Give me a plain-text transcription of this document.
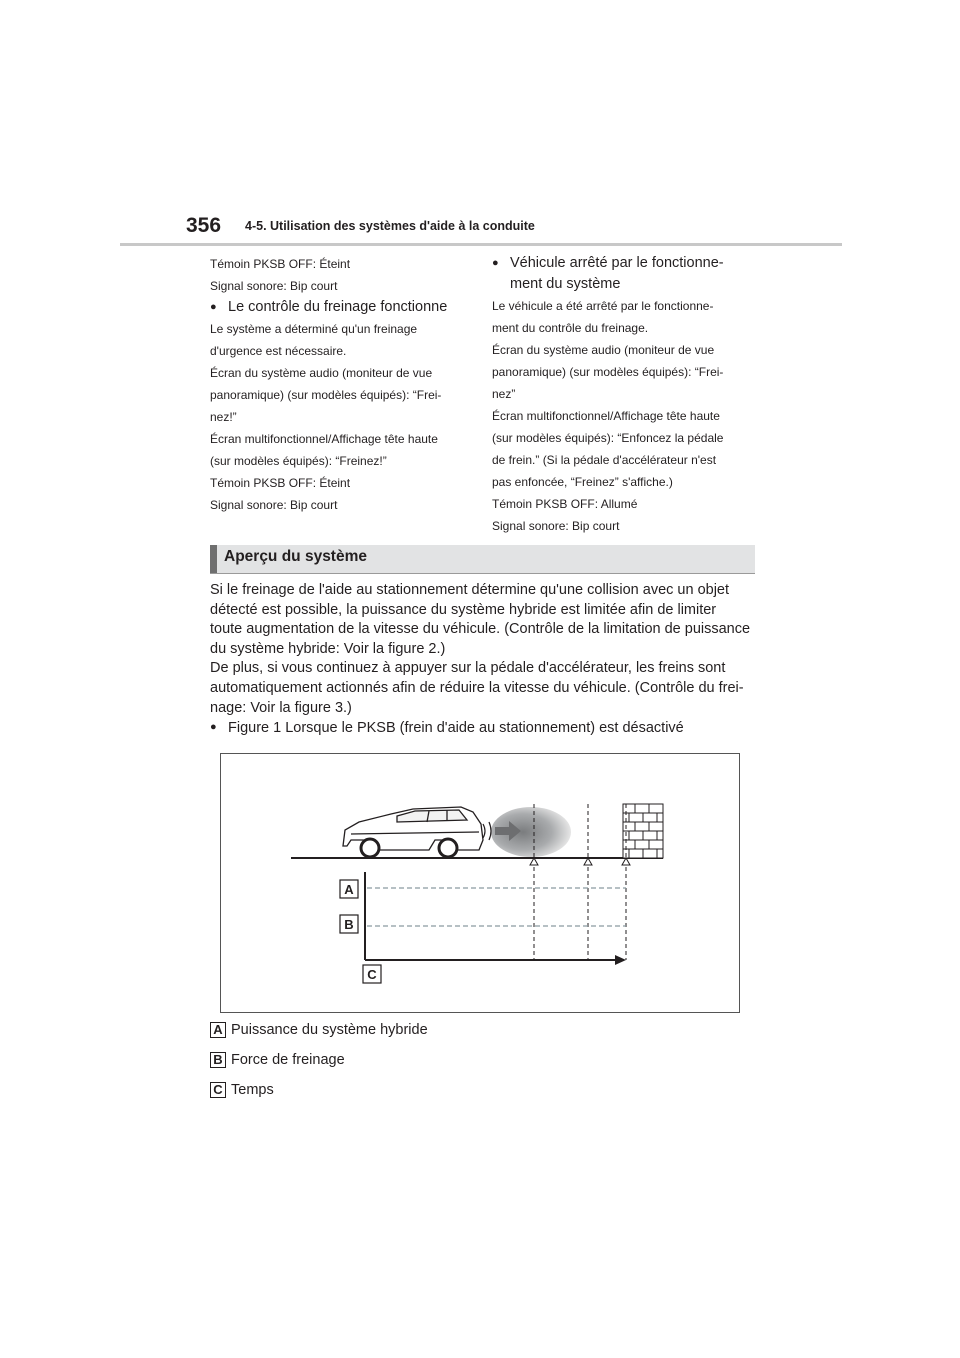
356 4-5. Utilisation des systèmes d'aide à la conduite

Témoin PKSB OFF: Éteint

Signal sonore: Bip court

● Le contrôle du freinage fonctionne

Le système a déterminé qu'un freinage

d'urgence est nécessaire.

Écran du système audio (moniteur de vue

panoramique) (sur modèles équipés): “Frei-

nez!”

Écran multifonctionnel/Affichage tête haute

(sur modèles équipés): “Freinez!”

Témoin PKSB OFF: Éteint

Signal sonore: Bip court

● Véhicule arrêté par le fonctionne-
ment du système

Le véhicule a été arrêté par le fonctionne-

ment du contrôle du freinage.

Écran du système audio (moniteur de vue

panoramique) (sur modèles équipés): “Frei-

nez”

Écran multifonctionnel/Affichage tête haute

(sur modèles équipés): “Enfoncez la pédale

de frein.” (Si la pédale d'accélérateur n'est

pas enfoncée, “Freinez” s'affiche.)

Témoin PKSB OFF: Allumé

Signal sonore: Bip court

Aperçu du système

Si le freinage de l'aide au stationnement détermine qu'une collision avec un objet

détecté est possible, la puissance du système hybride est limitée afin de limiter

toute augmentation de la vitesse du véhicule. (Contrôle de la limitation de puissance

du système hybride: Voir la figure 2.)

De plus, si vous continuez à appuyer sur la pédale d'accélérateur, les freins sont

automatiquement actionnés afin de réduire la vitesse du véhicule. (Contrôle du frei-

nage: Voir la figure 3.)

● Figure 1 Lorsque le PKSB (frein d'aide au stationnement) est désactivé
A
B
C
A Puissance du système hybride
B Force de freinage
C Temps
